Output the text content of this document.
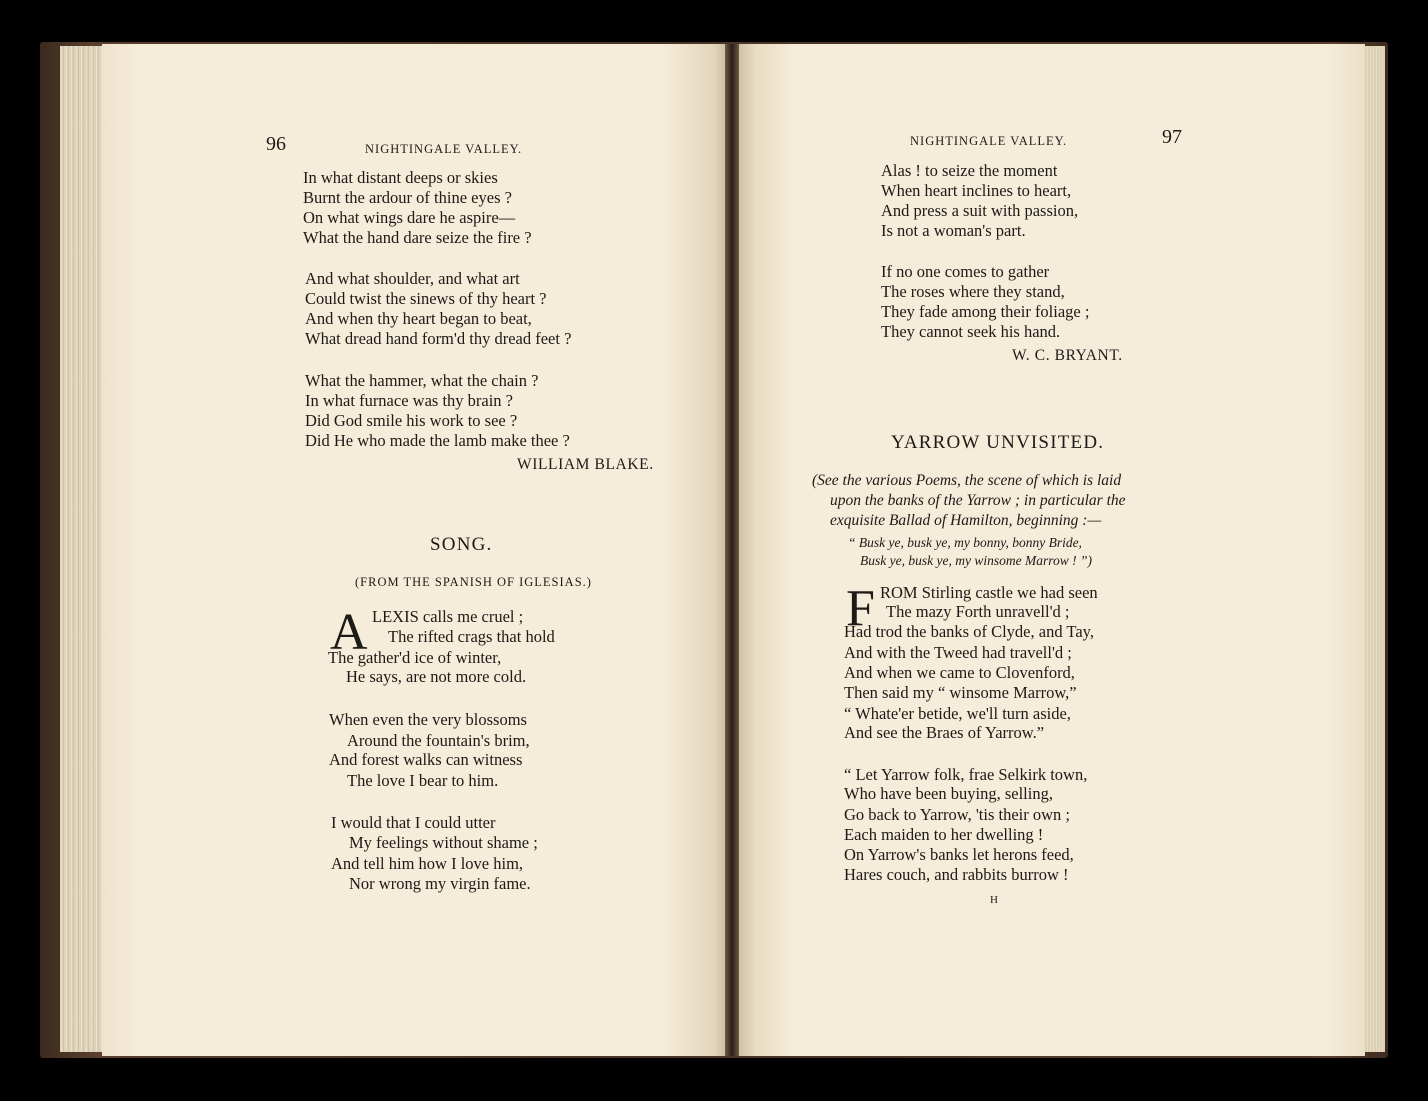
96	NIGHTINGALE VALLEY.
In what distant deeps or skies
Burnt the ardour of thine eyes ?
On what wings dare he aspire—
What the hand dare seize the fire ?
And what shoulder, and what art
Could twist the sinews of thy heart ?
And when thy heart began to beat,
What dread hand form'd thy dread feet ?
What the hammer, what the chain ?
In what furnace was thy brain ?
Did God smile his work to see ?
Did He who made the lamb make thee ?
WILLIAM BLAKE.
SONG.
(FROM THE SPANISH OF IGLESIAS.)
A LEXIS calls me cruel ;
The rifted crags that hold
The gather'd ice of winter,
He says, are not more cold.
When even the very blossoms
Around the fountain's brim,
And forest walks can witness
The love I bear to him.
I would that I could utter
My feelings without shame ;
And tell him how I love him,
Nor wrong my virgin fame.
NIGHTINGALE VALLEY.	97
Alas ! to seize the moment
When heart inclines to heart,
And press a suit with passion,
Is not a woman's part.
If no one comes to gather
The roses where they stand,
They fade among their foliage ;
They cannot seek his hand.
W. C. BRYANT.
YARROW UNVISITED.
(See the various Poems, the scene of which is laid
upon the banks of the Yarrow ; in particular the
exquisite Ballad of Hamilton, beginning :—
“ Busk ye, busk ye, my bonny, bonny Bride,
Busk ye, busk ye, my winsome Marrow ! ”)
F ROM Stirling castle we had seen
The mazy Forth unravell'd ;
Had trod the banks of Clyde, and Tay,
And with the Tweed had travell'd ;
And when we came to Clovenford,
Then said my “ winsome Marrow,”
“ Whate'er betide, we'll turn aside,
And see the Braes of Yarrow.”
“ Let Yarrow folk, frae Selkirk town,
Who have been buying, selling,
Go back to Yarrow, 'tis their own ;
Each maiden to her dwelling !
On Yarrow's banks let herons feed,
Hares couch, and rabbits burrow !
H
